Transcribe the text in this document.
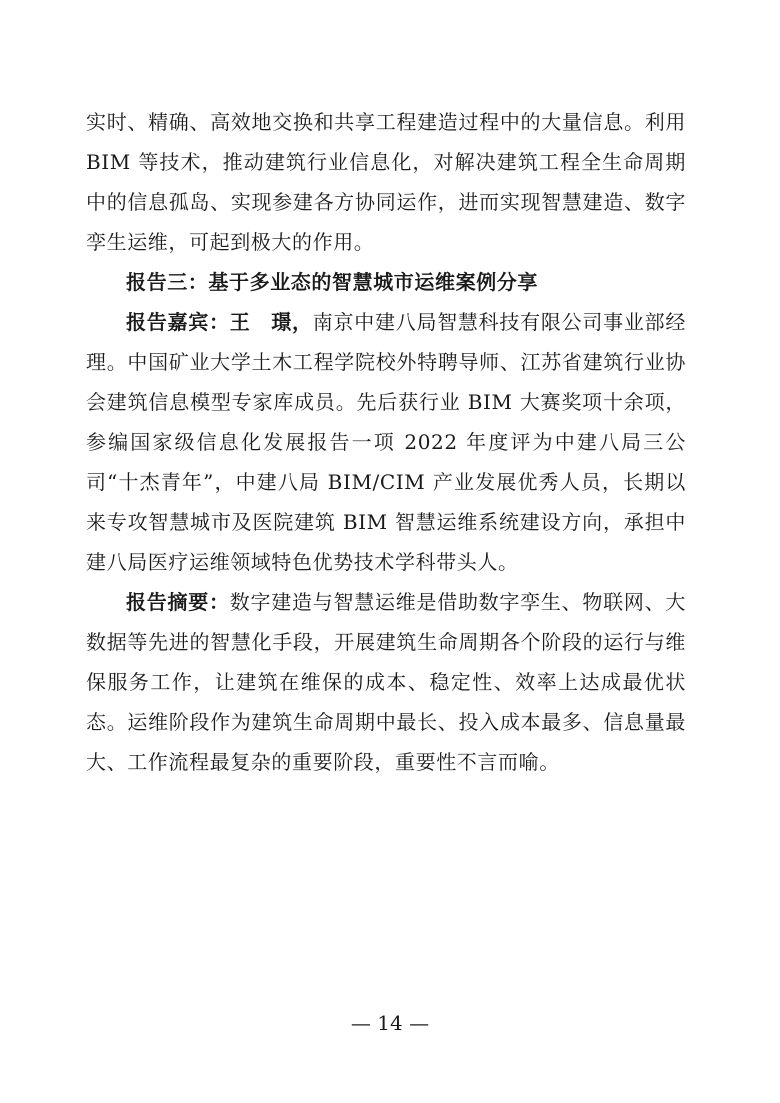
实时、精确、高效地交换和共享工程建造过程中的大量信息。利用 BIM 等技术，推动建筑行业信息化，对解决建筑工程全生命周期中的信息孤岛、实现参建各方协同运作，进而实现智慧建造、数字孪生运维，可起到极大的作用。

报告三：基于多业态的智慧城市运维案例分享

报告嘉宾：王　璟，南京中建八局智慧科技有限公司事业部经理。中国矿业大学土木工程学院校外特聘导师、江苏省建筑行业协会建筑信息模型专家库成员。先后获行业 BIM 大赛奖项十余项，参编国家级信息化发展报告一项 2022 年度评为中建八局三公司“十杰青年”，中建八局 BIM/CIM 产业发展优秀人员，长期以来专攻智慧城市及医院建筑 BIM 智慧运维系统建设方向，承担中建八局医疗运维领域特色优势技术学科带头人。

报告摘要：数字建造与智慧运维是借助数字孪生、物联网、大数据等先进的智慧化手段，开展建筑生命周期各个阶段的运行与维保服务工作，让建筑在维保的成本、稳定性、效率上达成最优状态。运维阶段作为建筑生命周期中最长、投入成本最多、信息量最大、工作流程最复杂的重要阶段，重要性不言而喻。

— 14 —
